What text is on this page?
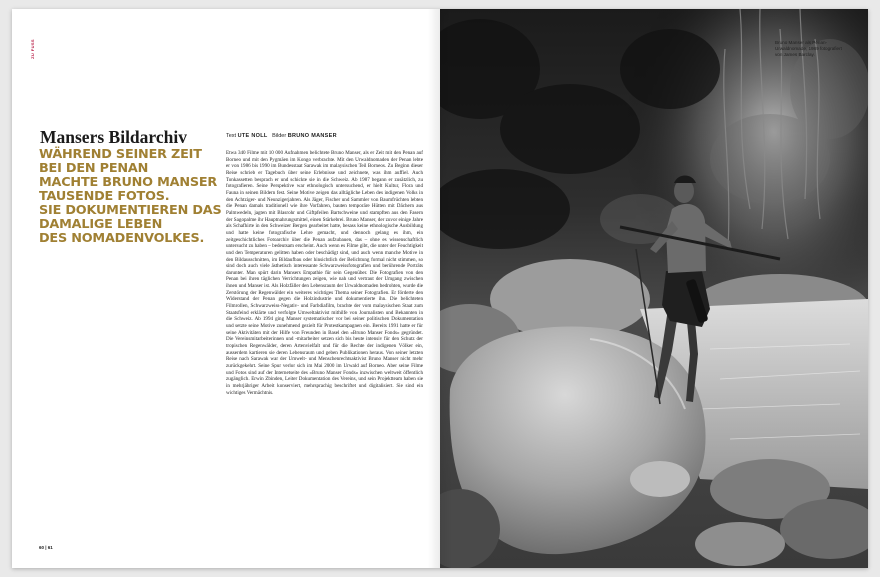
ZU FUSS
Mansers Bildarchiv	Text UTE NOLL Bilder BRUNO MANSER
WÄHREND SEINER ZEIT
BEI DEN PENAN
MACHTE BRUNO MANSER
TAUSENDE FOTOS.
SIE DOKUMENTIEREN DAS
DAMALIGE LEBEN
DES NOMADENVOLKES.
Etwa 340 Filme mit 10 000 Aufnahmen belichtete Bruno Manser, als er Zeit mit den Penan auf Borneo und mit den Pygmäen im Kongo verbrachte. Mit den Urwaldnomaden der Penan lebte er von 1986 bis 1990 im Bundesstaat Sarawak im malaysischen Teil Borneos. Zu Beginn dieser Reise schrieb er Tagebuch über seine Erlebnisse und zeichnete, was ihm auffiel. Auch Tonkassetten besprach er und schickte sie in die Schweiz. Ab 1987 begann er zusätzlich, zu fotografieren. Seine Perspektive war ethnologisch untersuchend, er hielt Kultur, Flora und Fauna in seinen Bildern fest. Seine Motive zeigen das alltägliche Leben des indigenen Volks in den Achtziger- und Neunzigerjahren. Als Jäger, Fischer und Sammler von Baumfrüchten lebten die Penan damals traditionell wie ihre Vorfahren, bauten temporäre Hütten mit Dächern aus Palmwedeln, jagten mit Blasrohr und Giftpfeilen Bartschweine und stampften aus den Fasern der Sagopalme ihr Hauptnahrungsmittel, einen Stärkebrei. Bruno Manser, der zuvor einige Jahre als Schafhirte in den Schweizer Bergen gearbeitet hatte, besass keine ethnologische Ausbildung und hatte keine fotografische Lehre gemacht, und dennoch gelang es ihm, ein zeitgeschichtliches Fotoarchiv über die Penan aufzubauen, das – ohne es wissenschaftlich untersucht zu haben – bedeutsam erscheint. Auch wenn es Filme gibt, die unter der Feuchtigkeit und den Temperaturen gelitten haben oder beschädigt sind, und auch wenn manche Motive in den Bildausschnitten, im Bildaufbau oder hinsichtlich der Belichtung formal nicht stimmen, so sind doch auch viele ästhetisch interessante Schwarzweissfotografien und berührende Porträts darunter. Man spürt darin Mansers Empathie für sein Gegenüber. Die Fotografien von den Penan bei ihren täglichen Verrichtungen zeigen, wie nah und vertraut der Umgang zwischen ihnen und Manser ist. Als Holzfäller den Lebensraum der Urwaldnomaden bedrohten, wurde die Zerstörung der Regenwälder ein weiteres wichtiges Thema seiner Fotografien. Er förderte den Widerstand der Penan gegen die Holzindustrie und dokumentierte ihn. Die belichteten Filmrollen, Schwarzweiss-Negativ- und Farbdiafilm, brachte der vom malaysischen Staat zum Staatsfeind erklärte und verfolgte Umweltaktivist mithilfe von Journalisten und Bekannten in die Schweiz. Ab 1994 ging Manser systematischer vor bei seiner politischen Dokumentation und setzte seine Motive zunehmend gezielt für Protestkampagnen ein. Bereits 1991 hatte er für seine Aktivitäten mit der Hilfe von Freunden in Basel den «Bruno Manser Fonds» gegründet. Die Vereinsmitarbeiterinnen und -mitarbeiter setzen sich bis heute intensiv für den Schutz der tropischen Regenwälder, deren Artenvielfalt und für die Rechte der indigenen Völker ein, ausserdem kartieren sie deren Lebensraum und geben Publikationen heraus. Von seiner letzten Reise nach Sarawak war der Umwelt- und Menschenrechtsaktivist Bruno Manser nicht mehr zurückgekehrt. Seine Spur verlor sich im Mai 2000 im Urwald auf Borneo. Aber seine Filme und Fotos sind auf der Internetseite des «Bruno Manser Fonds» inzwischen weltweit öffentlich zugänglich. Erwin Zbinden, Leiter Dokumentation des Vereins, und sein Projektteam haben sie in mehrjähriger Arbeit konserviert, mehrsprachig beschriftet und digitalisiert. Sie sind ein wichtiges Vermächtnis.
60 | 61
Bruno Manser als Penan-Urwaldnomade, 1989 fotografiert von James Barclay.
